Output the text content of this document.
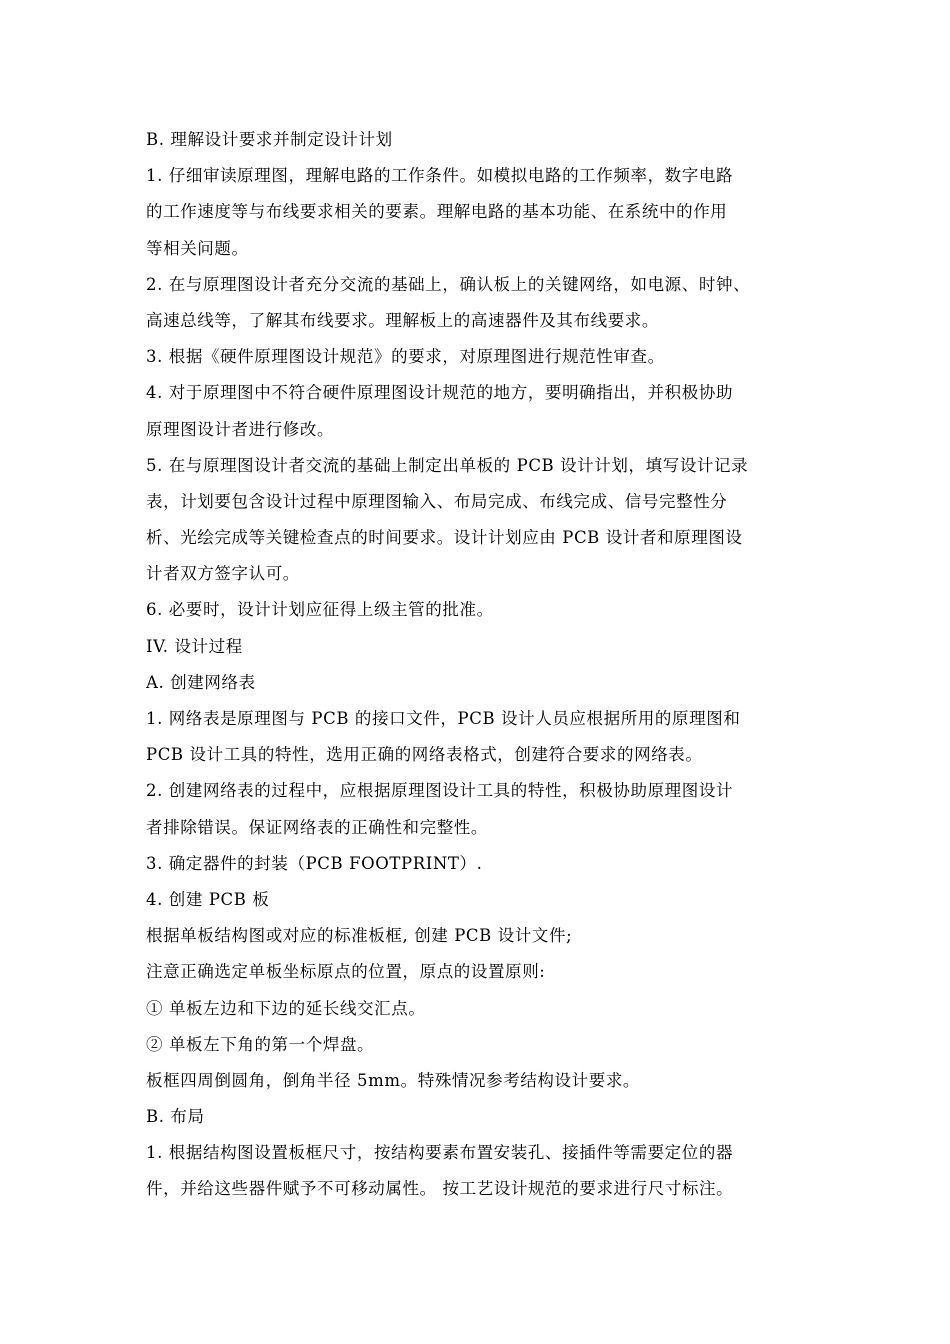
B. 理解设计要求并制定设计计划
1. 仔细审读原理图，理解电路的工作条件。如模拟电路的工作频率，数字电路
的工作速度等与布线要求相关的要素。理解电路的基本功能、在系统中的作用
等相关问题。
2. 在与原理图设计者充分交流的基础上，确认板上的关键网络，如电源、时钟、
高速总线等，了解其布线要求。理解板上的高速器件及其布线要求。
3. 根据《硬件原理图设计规范》的要求，对原理图进行规范性审查。
4. 对于原理图中不符合硬件原理图设计规范的地方，要明确指出，并积极协助
原理图设计者进行修改。
5. 在与原理图设计者交流的基础上制定出单板的 PCB 设计计划，填写设计记录
表，计划要包含设计过程中原理图输入、布局完成、布线完成、信号完整性分
析、光绘完成等关键检查点的时间要求。设计计划应由 PCB 设计者和原理图设
计者双方签字认可。
6. 必要时，设计计划应征得上级主管的批准。
IV. 设计过程
A. 创建网络表
1. 网络表是原理图与 PCB 的接口文件，PCB 设计人员应根据所用的原理图和
PCB 设计工具的特性，选用正确的网络表格式，创建符合要求的网络表。
2. 创建网络表的过程中，应根据原理图设计工具的特性，积极协助原理图设计
者排除错误。保证网络表的正确性和完整性。
3. 确定器件的封装（PCB FOOTPRINT）.
4. 创建 PCB 板
根据单板结构图或对应的标准板框, 创建 PCB 设计文件;
注意正确选定单板坐标原点的位置，原点的设置原则:
① 单板左边和下边的延长线交汇点。
② 单板左下角的第一个焊盘。
板框四周倒圆角，倒角半径 5mm。特殊情况参考结构设计要求。
B. 布局
1. 根据结构图设置板框尺寸，按结构要素布置安装孔、接插件等需要定位的器
件，并给这些器件赋予不可移动属性。 按工艺设计规范的要求进行尺寸标注。
